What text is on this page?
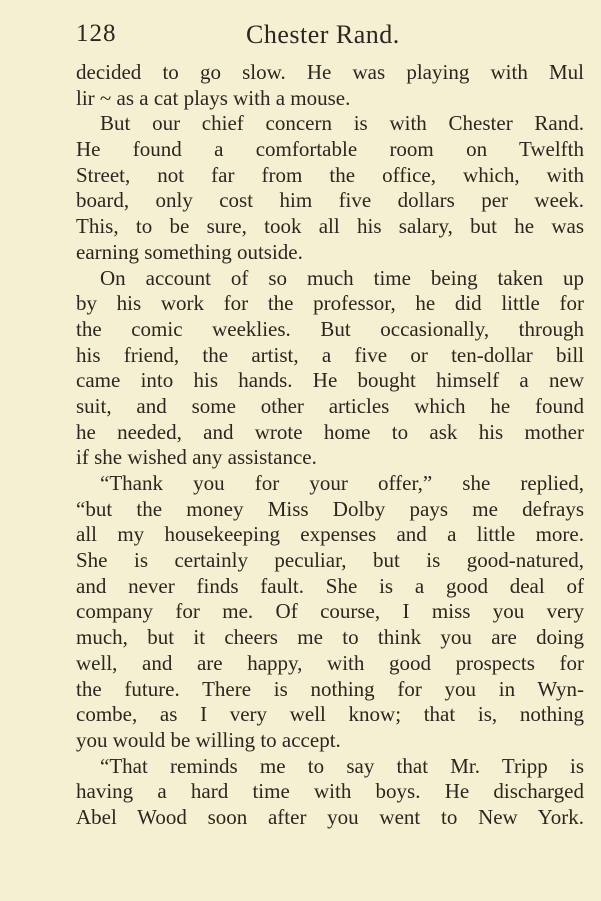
128	Chester Rand.
decided to go slow. He was playing with Mul
lir ~ as a cat plays with a mouse.
But our chief concern is with Chester Rand.
He found a comfortable room on Twelfth
Street, not far from the office, which, with
board, only cost him five dollars per week.
This, to be sure, took all his salary, but he was
earning something outside.
On account of so much time being taken up
by his work for the professor, he did little for
the comic weeklies. But occasionally, through
his friend, the artist, a five or ten-dollar bill
came into his hands. He bought himself a new
suit, and some other articles which he found
he needed, and wrote home to ask his mother
if she wished any assistance.
“Thank you for your offer,” she replied,
“but the money Miss Dolby pays me defrays
all my housekeeping expenses and a little more.
She is certainly peculiar, but is good-natured,
and never finds fault. She is a good deal of
company for me. Of course, I miss you very
much, but it cheers me to think you are doing
well, and are happy, with good prospects for
the future. There is nothing for you in Wyn-
combe, as I very well know; that is, nothing
you would be willing to accept.
“That reminds me to say that Mr. Tripp is
having a hard time with boys. He discharged
Abel Wood soon after you went to New York.
